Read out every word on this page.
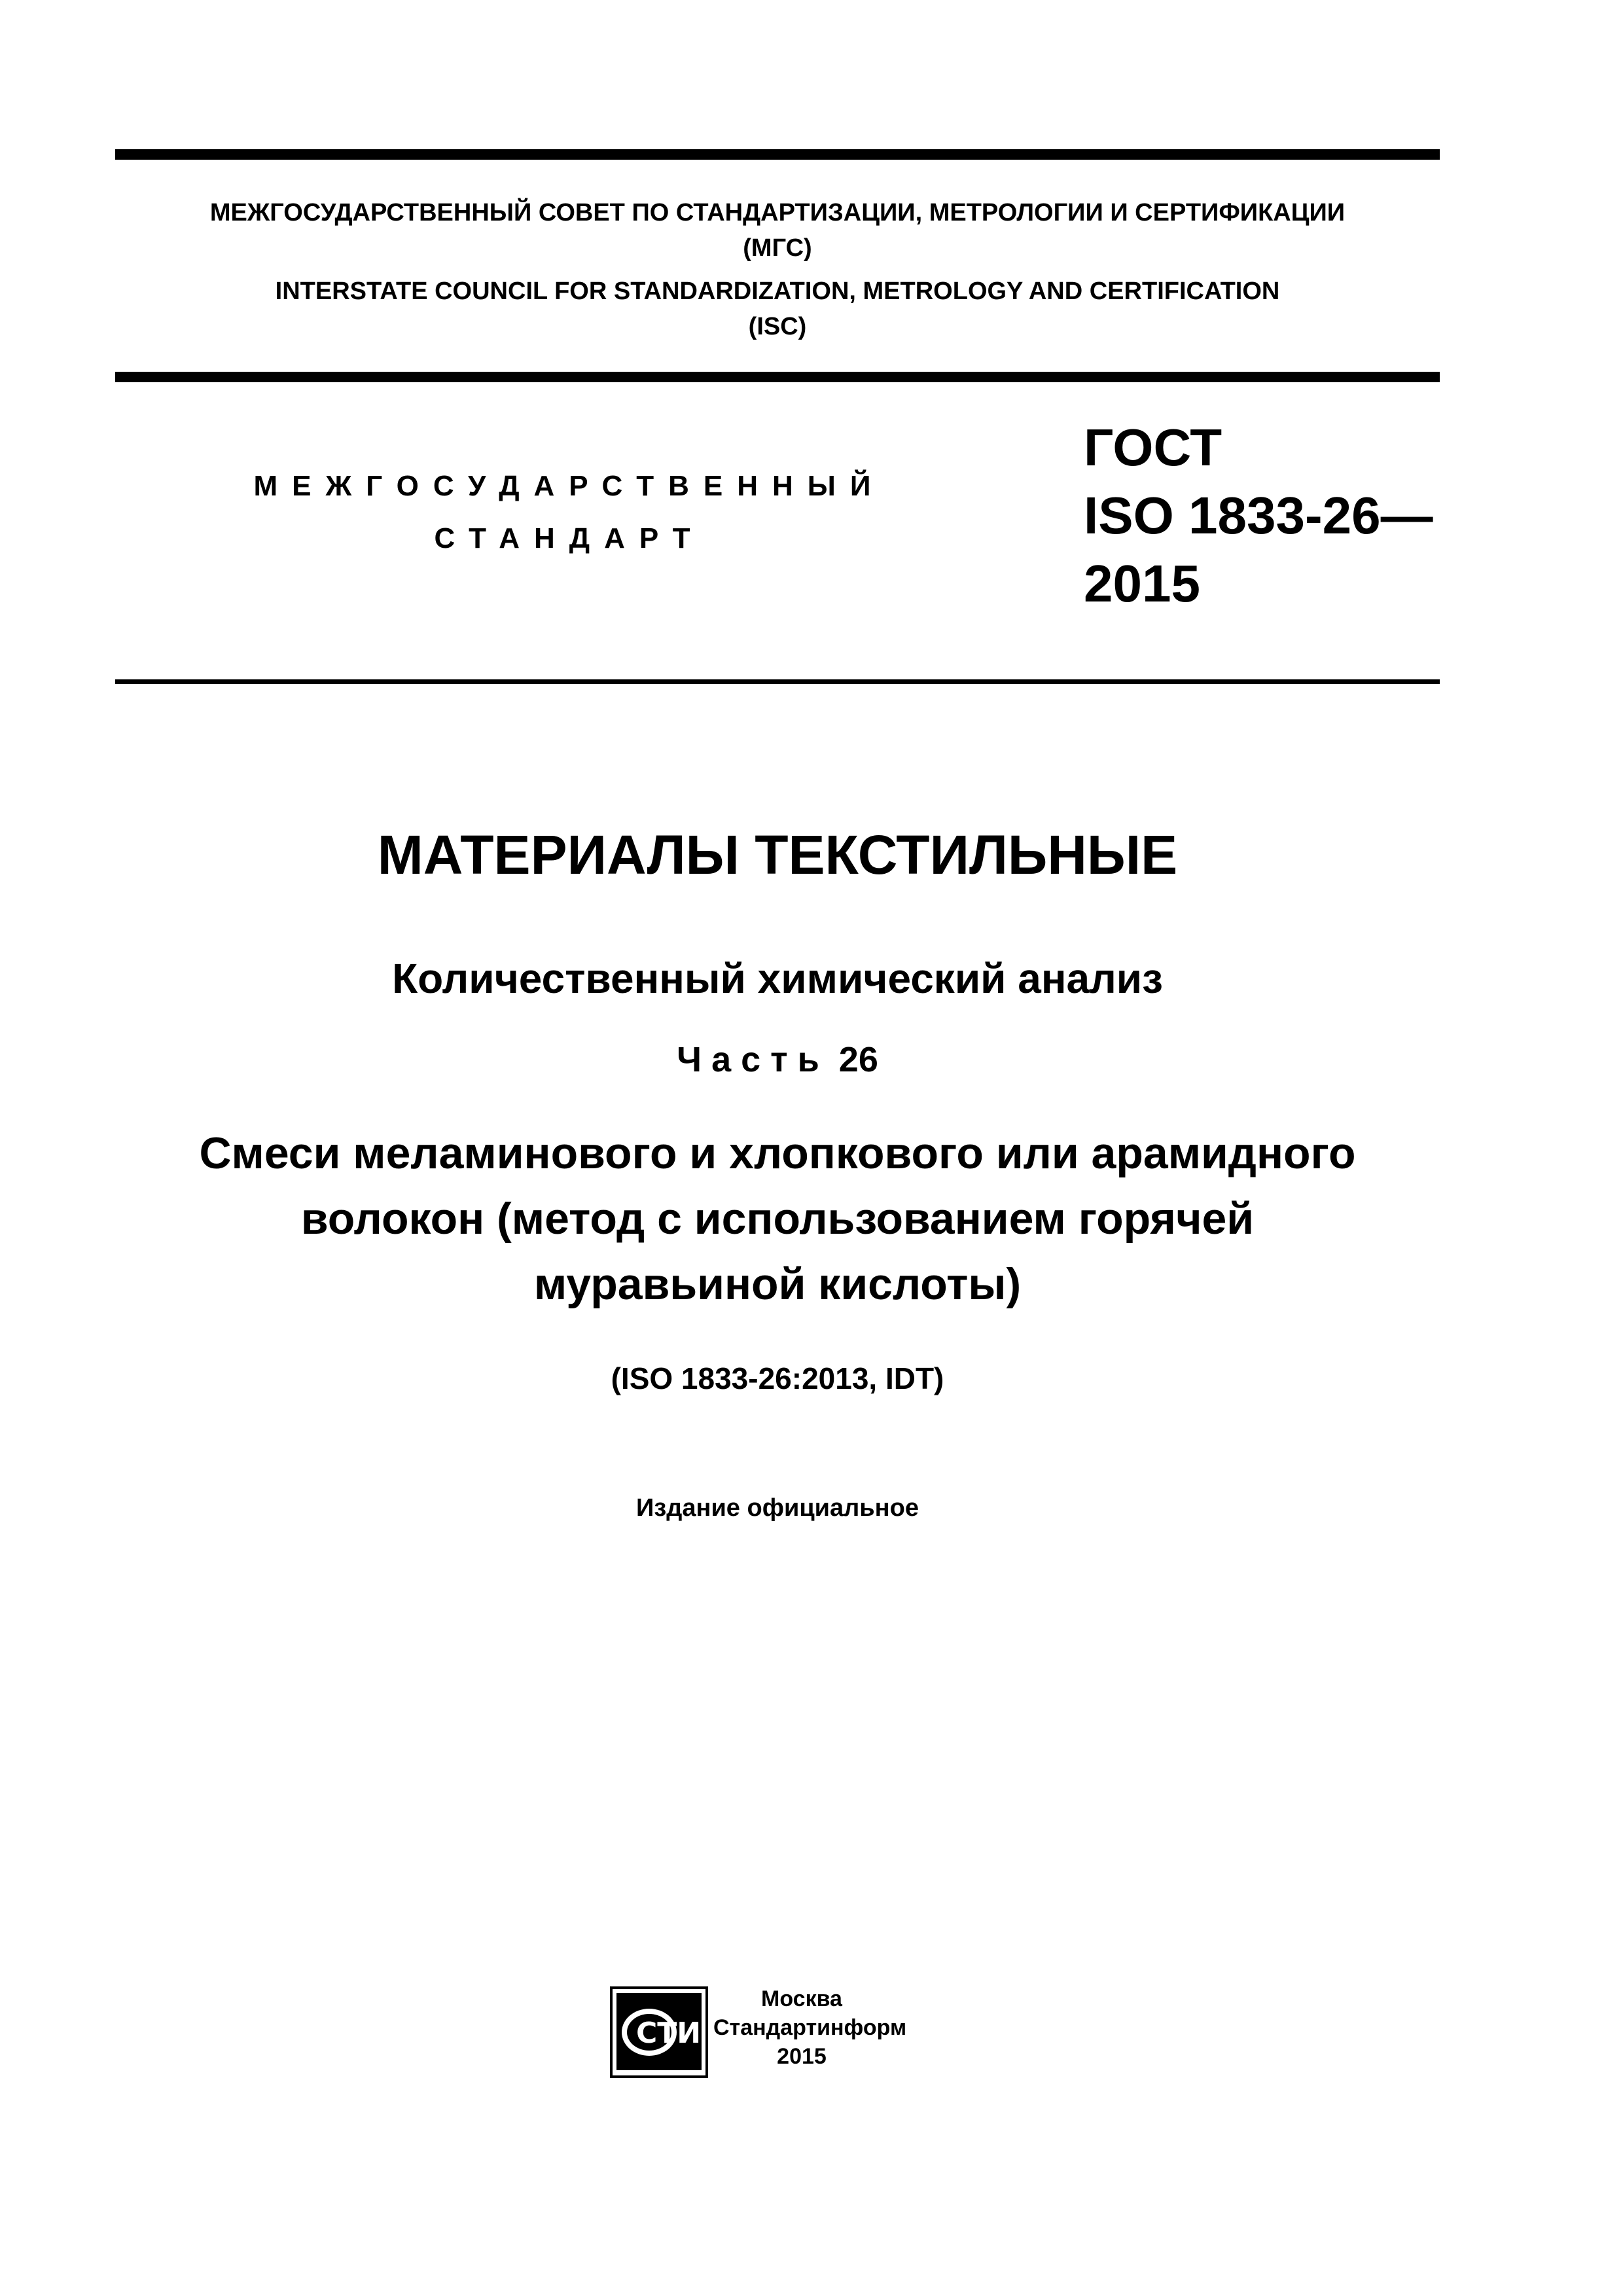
МЕЖГОСУДАРСТВЕННЫЙ СОВЕТ ПО СТАНДАРТИЗАЦИИ, МЕТРОЛОГИИ И СЕРТИФИКАЦИИ
(МГС)
INTERSTATE COUNCIL FOR STANDARDIZATION, METROLOGY AND CERTIFICATION
(ISC)
МЕЖГОСУДАРСТВЕННЫЙ
СТАНДАРТ
ГОСТ
ISO 1833-26—
2015
МАТЕРИАЛЫ ТЕКСТИЛЬНЫЕ
Количественный химический анализ
Часть 26
Смеси меламинового и хлопкового или арамидного
волокон (метод с использованием горячей
муравьиной кислоты)
(ISO 1833-26:2013, IDT)
Издание официальное
СТИ
Москва
Стандартинформ
2015
